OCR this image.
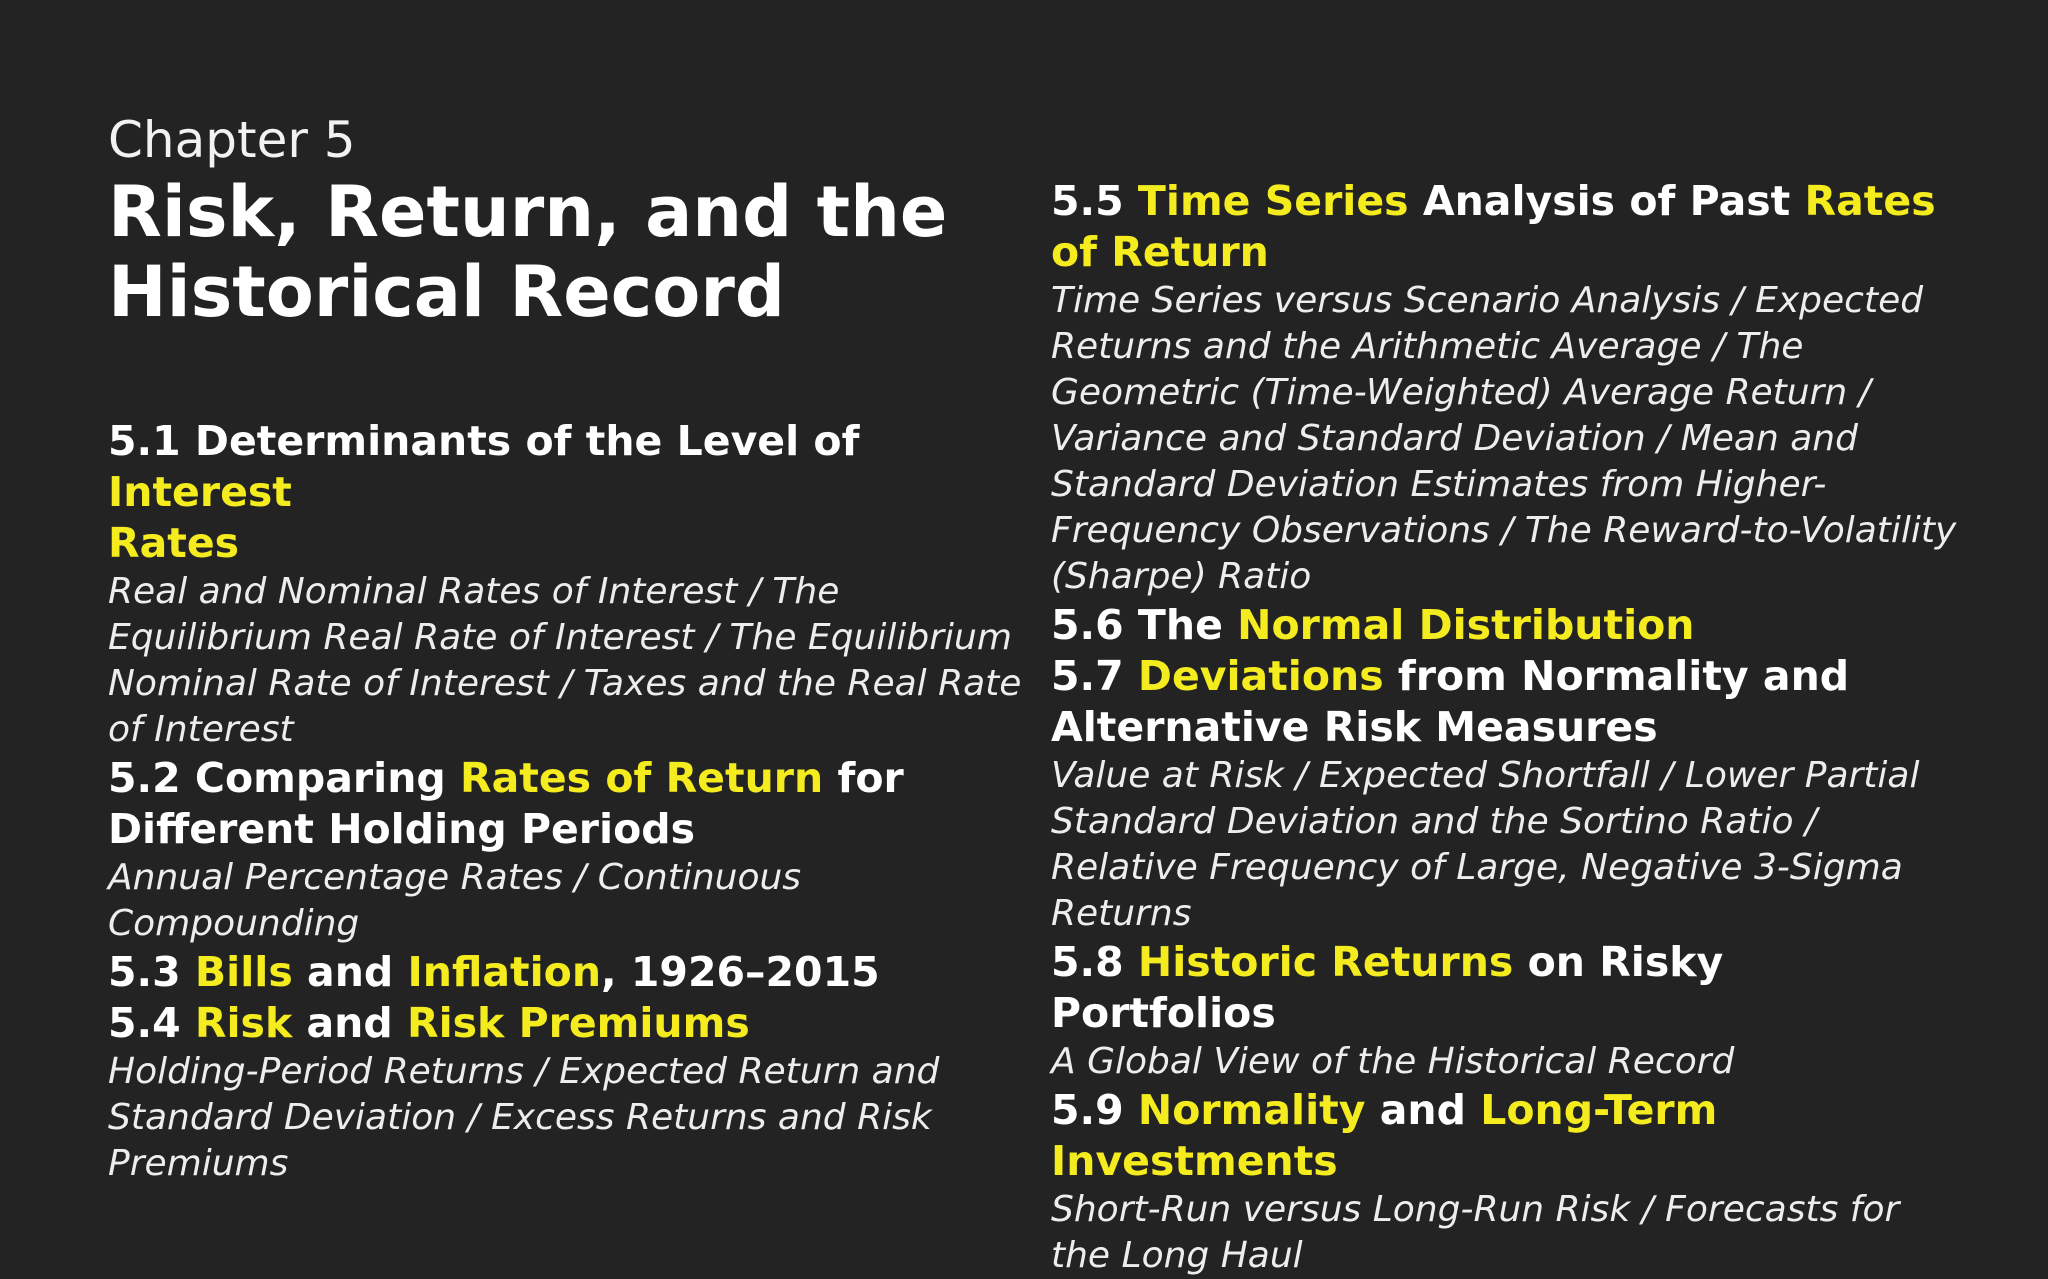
Chapter 5

Risk, Return, and the
Historical Record

5.1 Determinants of the Level of Interest
Rates

Real and Nominal Rates of Interest / The Equilibrium Real Rate of Interest / The Equilibrium Nominal Rate of Interest / Taxes and the Real Rate of Interest

5.2 Comparing Rates of Return for Different Holding Periods

Annual Percentage Rates / Continuous Compounding

5.3 Bills and Inflation, 1926–2015

5.4 Risk and Risk Premiums

Holding-Period Returns / Expected Return and Standard Deviation / Excess Returns and Risk Premiums

5.5 Time Series Analysis of Past Rates of Return

Time Series versus Scenario Analysis / Expected Returns and the Arithmetic Average / The Geometric (Time-Weighted) Average Return / Variance and Standard Deviation / Mean and Standard Deviation Estimates from Higher-Frequency Observations / The Reward-to-Volatility (Sharpe) Ratio

5.6 The Normal Distribution

5.7 Deviations from Normality and Alternative Risk Measures

Value at Risk / Expected Shortfall / Lower Partial Standard Deviation and the Sortino Ratio / Relative Frequency of Large, Negative 3-Sigma Returns

5.8 Historic Returns on Risky Portfolios

A Global View of the Historical Record

5.9 Normality and Long-Term Investments

Short-Run versus Long-Run Risk / Forecasts for the Long Haul
